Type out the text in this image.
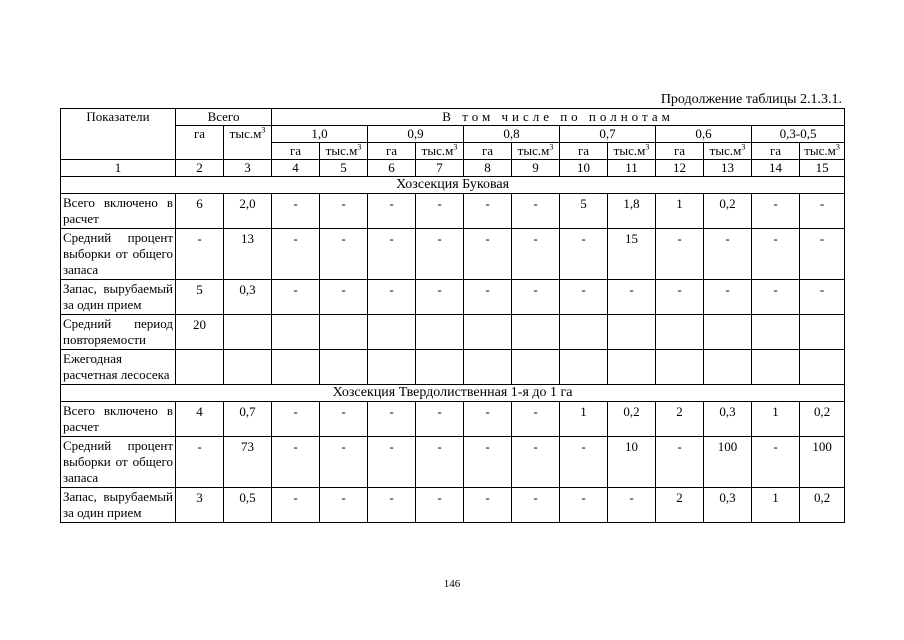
Продолжение таблицы 2.1.3.1.
Показатели	Всего		В том числе по полнотам											
	га	$тыс.м^3$	1,0		0,9		0,8		0,7		0,6		0,3-0,5	
			га	$тыс.м^3$	га	$тыс.м^3$	га	$тыс.м^3$	га	$тыс.м^3$	га	$тыс.м^3$	га	$тыс.м^3$
1	2	3	4	5	6	7	8	9	10	11	12	13	14	15
Хозсекция Буковая														
Всего включено в расчет	6	2,0	-	-	-	-	-	-	5	1,8	1	0,2	-	-
Средний процент выборки от общего запаса	-	13	-	-	-	-	-	-	-	15	-	-	-	-
Запас, вырубаемый за один прием	5	0,3	-	-	-	-	-	-	-	-	-	-	-	-
Средний период повторяемости	20													
Ежегодная расчетная лесосека														
Хозсекция Твердолиственная 1-я до 1 га														
Всего включено в расчет	4	0,7	-	-	-	-	-	-	1	0,2	2	0,3	1	0,2
Средний процент выборки от общего запаса	-	73	-	-	-	-	-	-	-	10	-	100	-	100
Запас, вырубаемый за один прием	3	0,5	-	-	-	-	-	-	-	-	2	0,3	1	0,2
146
